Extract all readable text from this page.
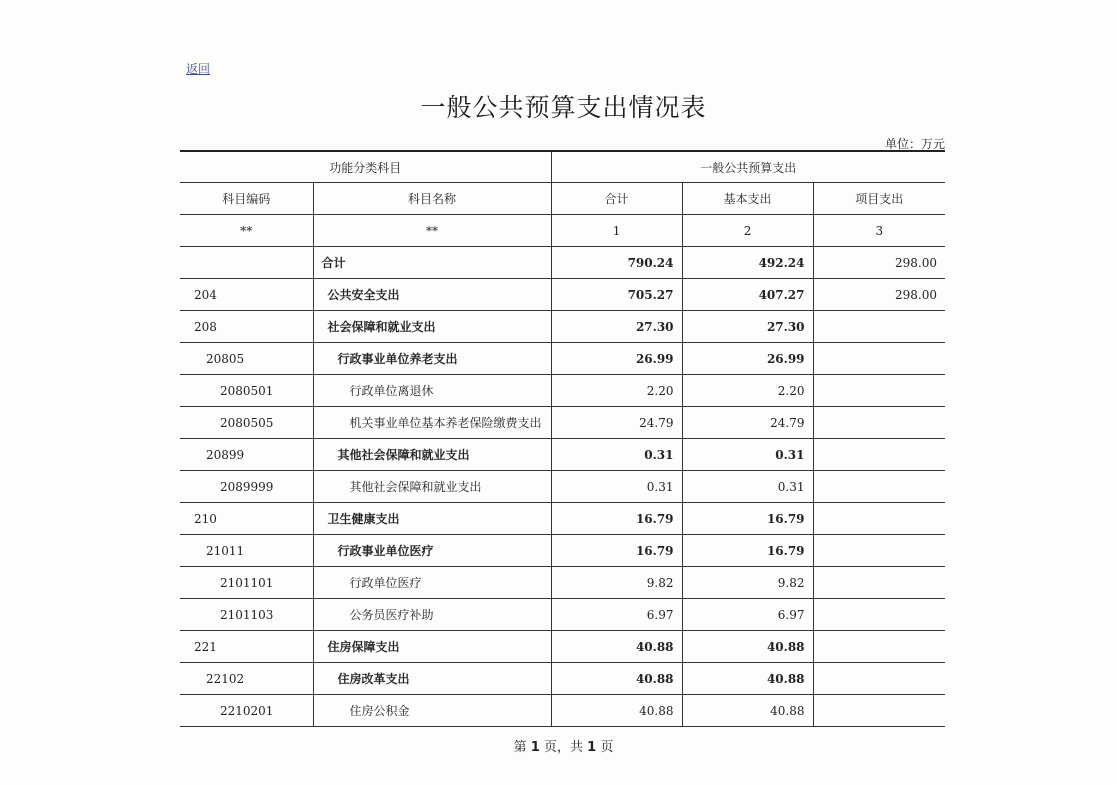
返回
一般公共预算支出情况表
单位：万元
功能分类科目		一般公共预算支出		
科目编码	科目名称	合计	基本支出	项目支出
**	**	1	2	3
	合计	790.24	492.24	298.00
204	公共安全支出	705.27	407.27	298.00
208	社会保障和就业支出	27.30	27.30	
20805	行政事业单位养老支出	26.99	26.99	
2080501	行政单位离退休	2.20	2.20	
2080505	机关事业单位基本养老保险缴费支出	24.79	24.79	
20899	其他社会保障和就业支出	0.31	0.31	
2089999	其他社会保障和就业支出	0.31	0.31	
210	卫生健康支出	16.79	16.79	
21011	行政事业单位医疗	16.79	16.79	
2101101	行政单位医疗	9.82	9.82	
2101103	公务员医疗补助	6.97	6.97	
221	住房保障支出	40.88	40.88	
22102	住房改革支出	40.88	40.88	
2210201	住房公积金	40.88	40.88	
第 1 页，共 1 页
